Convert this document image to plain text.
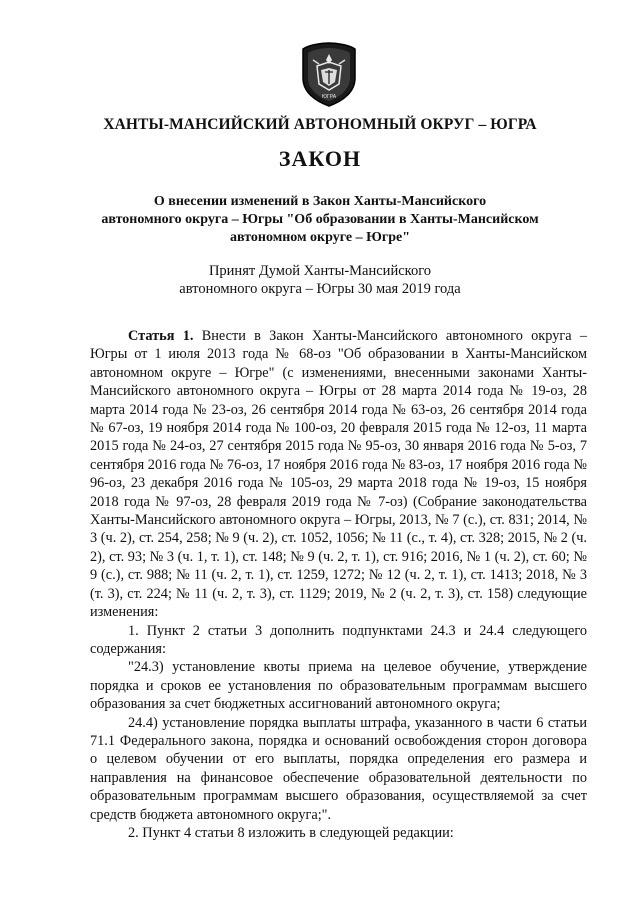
ЮГРА
ХАНТЫ-МАНСИЙСКИЙ АВТОНОМНЫЙ ОКРУГ – ЮГРА
ЗАКОН
О внесении изменений в Закон Ханты-Мансийского
автономного округа – Югры "Об образовании в Ханты-Мансийском
автономном округе – Югре"
Принят Думой Ханты-Мансийского
автономного округа – Югры 30 мая 2019 года

Статья 1. Внести в Закон Ханты-Мансийского автономного округа – Югры от 1 июля 2013 года № 68-оз "Об образовании в Ханты-Мансийском автономном округе – Югре" (с изменениями, внесенными законами Ханты-Мансийского автономного округа – Югры от 28 марта 2014 года № 19-оз, 28 марта 2014 года № 23-оз, 26 сентября 2014 года № 63-оз, 26 сентября 2014 года № 67-оз, 19 ноября 2014 года № 100-оз, 20 февраля 2015 года № 12-оз, 11 марта 2015 года № 24-оз, 27 сентября 2015 года № 95-оз, 30 января 2016 года № 5-оз, 7 сентября 2016 года № 76-оз, 17 ноября 2016 года № 83-оз, 17 ноября 2016 года № 96-оз, 23 декабря 2016 года № 105-оз, 29 марта 2018 года № 19-оз, 15 ноября 2018 года № 97-оз, 28 февраля 2019 года № 7-оз) (Собрание законодательства Ханты-Мансийского автономного округа – Югры, 2013, № 7 (с.), ст. 831; 2014, № 3 (ч. 2), ст. 254, 258; № 9 (ч. 2), ст. 1052, 1056; № 11 (с., т. 4), ст. 328; 2015, № 2 (ч. 2), ст. 93; № 3 (ч. 1, т. 1), ст. 148; № 9 (ч. 2, т. 1), ст. 916; 2016, № 1 (ч. 2), ст. 60; № 9 (с.), ст. 988; № 11 (ч. 2, т. 1), ст. 1259, 1272; № 12 (ч. 2, т. 1), ст. 1413; 2018, № 3 (т. 3), ст. 224; № 11 (ч. 2, т. 3), ст. 1129; 2019, № 2 (ч. 2, т. 3), ст. 158) следующие изменения:

1. Пункт 2 статьи 3 дополнить подпунктами 24.3 и 24.4 следующего содержания:

"24.3) установление квоты приема на целевое обучение, утверждение порядка и сроков ее установления по образовательным программам высшего образования за счет бюджетных ассигнований автономного округа;

24.4) установление порядка выплаты штрафа, указанного в части 6 статьи 71.1 Федерального закона, порядка и оснований освобождения сторон договора о целевом обучении от его выплаты, порядка определения его размера и направления на финансовое обеспечение образовательной деятельности по образовательным программам высшего образования, осуществляемой за счет средств бюджета автономного округа;".

2. Пункт 4 статьи 8 изложить в следующей редакции:
